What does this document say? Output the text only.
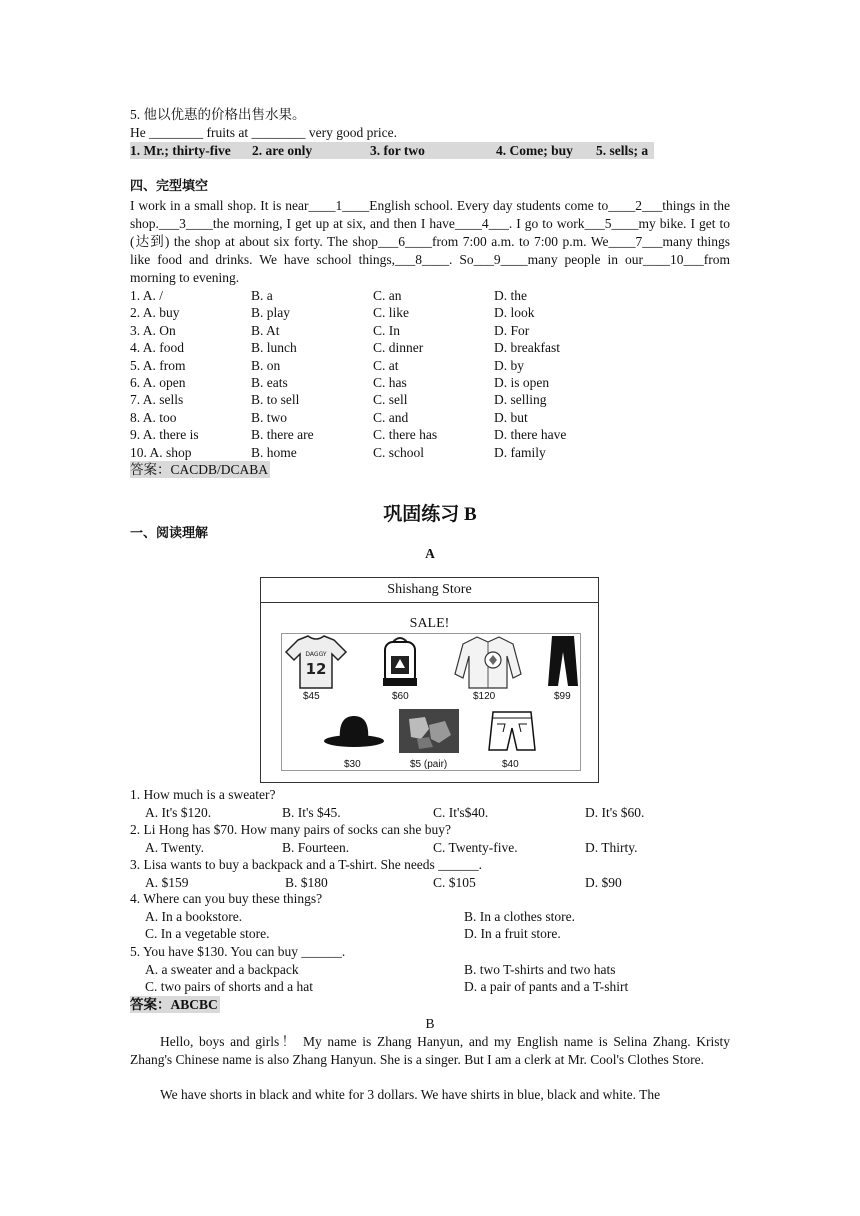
5. 他以优惠的价格出售水果。
He ________ fruits at ________ very good price.
1. Mr.; thirty-five 2. are only	3. for two	4. Come; buy 5. sells; a
四、完型填空
I work in a small shop. It is near____1____English school. Every day students come to____2___things in the shop.___3____the morning, I get up at six, and then I have____4___. I go to work___5____my bike. I get to (达到) the shop at about six forty. The shop___6____from 7:00 a.m. to 7:00 p.m. We____7___many things like food and drinks. We have school things,___8____. So___9____many people in our____10___from morning to evening.
1. A. /	B. a	C. an	D. the
2. A. buy	B. play	C. like	D. look
3. A. On	B. At	C. In	D. For
4. A. food	B. lunch	C. dinner	D. breakfast
5. A. from	B. on	C. at	D. by
6. A. open	B. eats	C. has	D. is open
7. A. sells	B. to sell	C. sell	D. selling
8. A. too	B. two	C. and	D. but
9. A. there is	B. there are	C. there has	D. there have
10. A. shop	B. home	C. school	D. family
答案：CACDB/DCABA
巩固练习 B
一、阅读理解
A
Shishang Store
SALE!
DAGGY
12
$45	$60	$120	$99
$30	$5 (pair)	$40
1. How much is a sweater?
A. It's $120.	B. It's $45.	C. It's$40.	D. It's $60.
2. Li Hong has $70. How many pairs of socks can she buy?
A. Twenty.	B. Fourteen.	C. Twenty-five.	D. Thirty.
3. Lisa wants to buy a backpack and a T-shirt. She needs ______.
A. $159	B. $180	C. $105	D. $90
4. Where can you buy these things?
A. In a bookstore.	B. In a clothes store.
C. In a vegetable store.	D. In a fruit store.
5. You have $130. You can buy ______.
A. a sweater and a backpack	B. two T-shirts and two hats
C. two pairs of shorts and a hat	D. a pair of pants and a T-shirt
答案：ABCBC
B
Hello, boys and girls！ My name is Zhang Hanyun, and my English name is Selina Zhang. Kristy Zhang's Chinese name is also Zhang Hanyun. She is a singer. But I am a clerk at Mr. Cool's Clothes Store.
We have shorts in black and white for 3 dollars. We have shirts in blue, black and white. The
